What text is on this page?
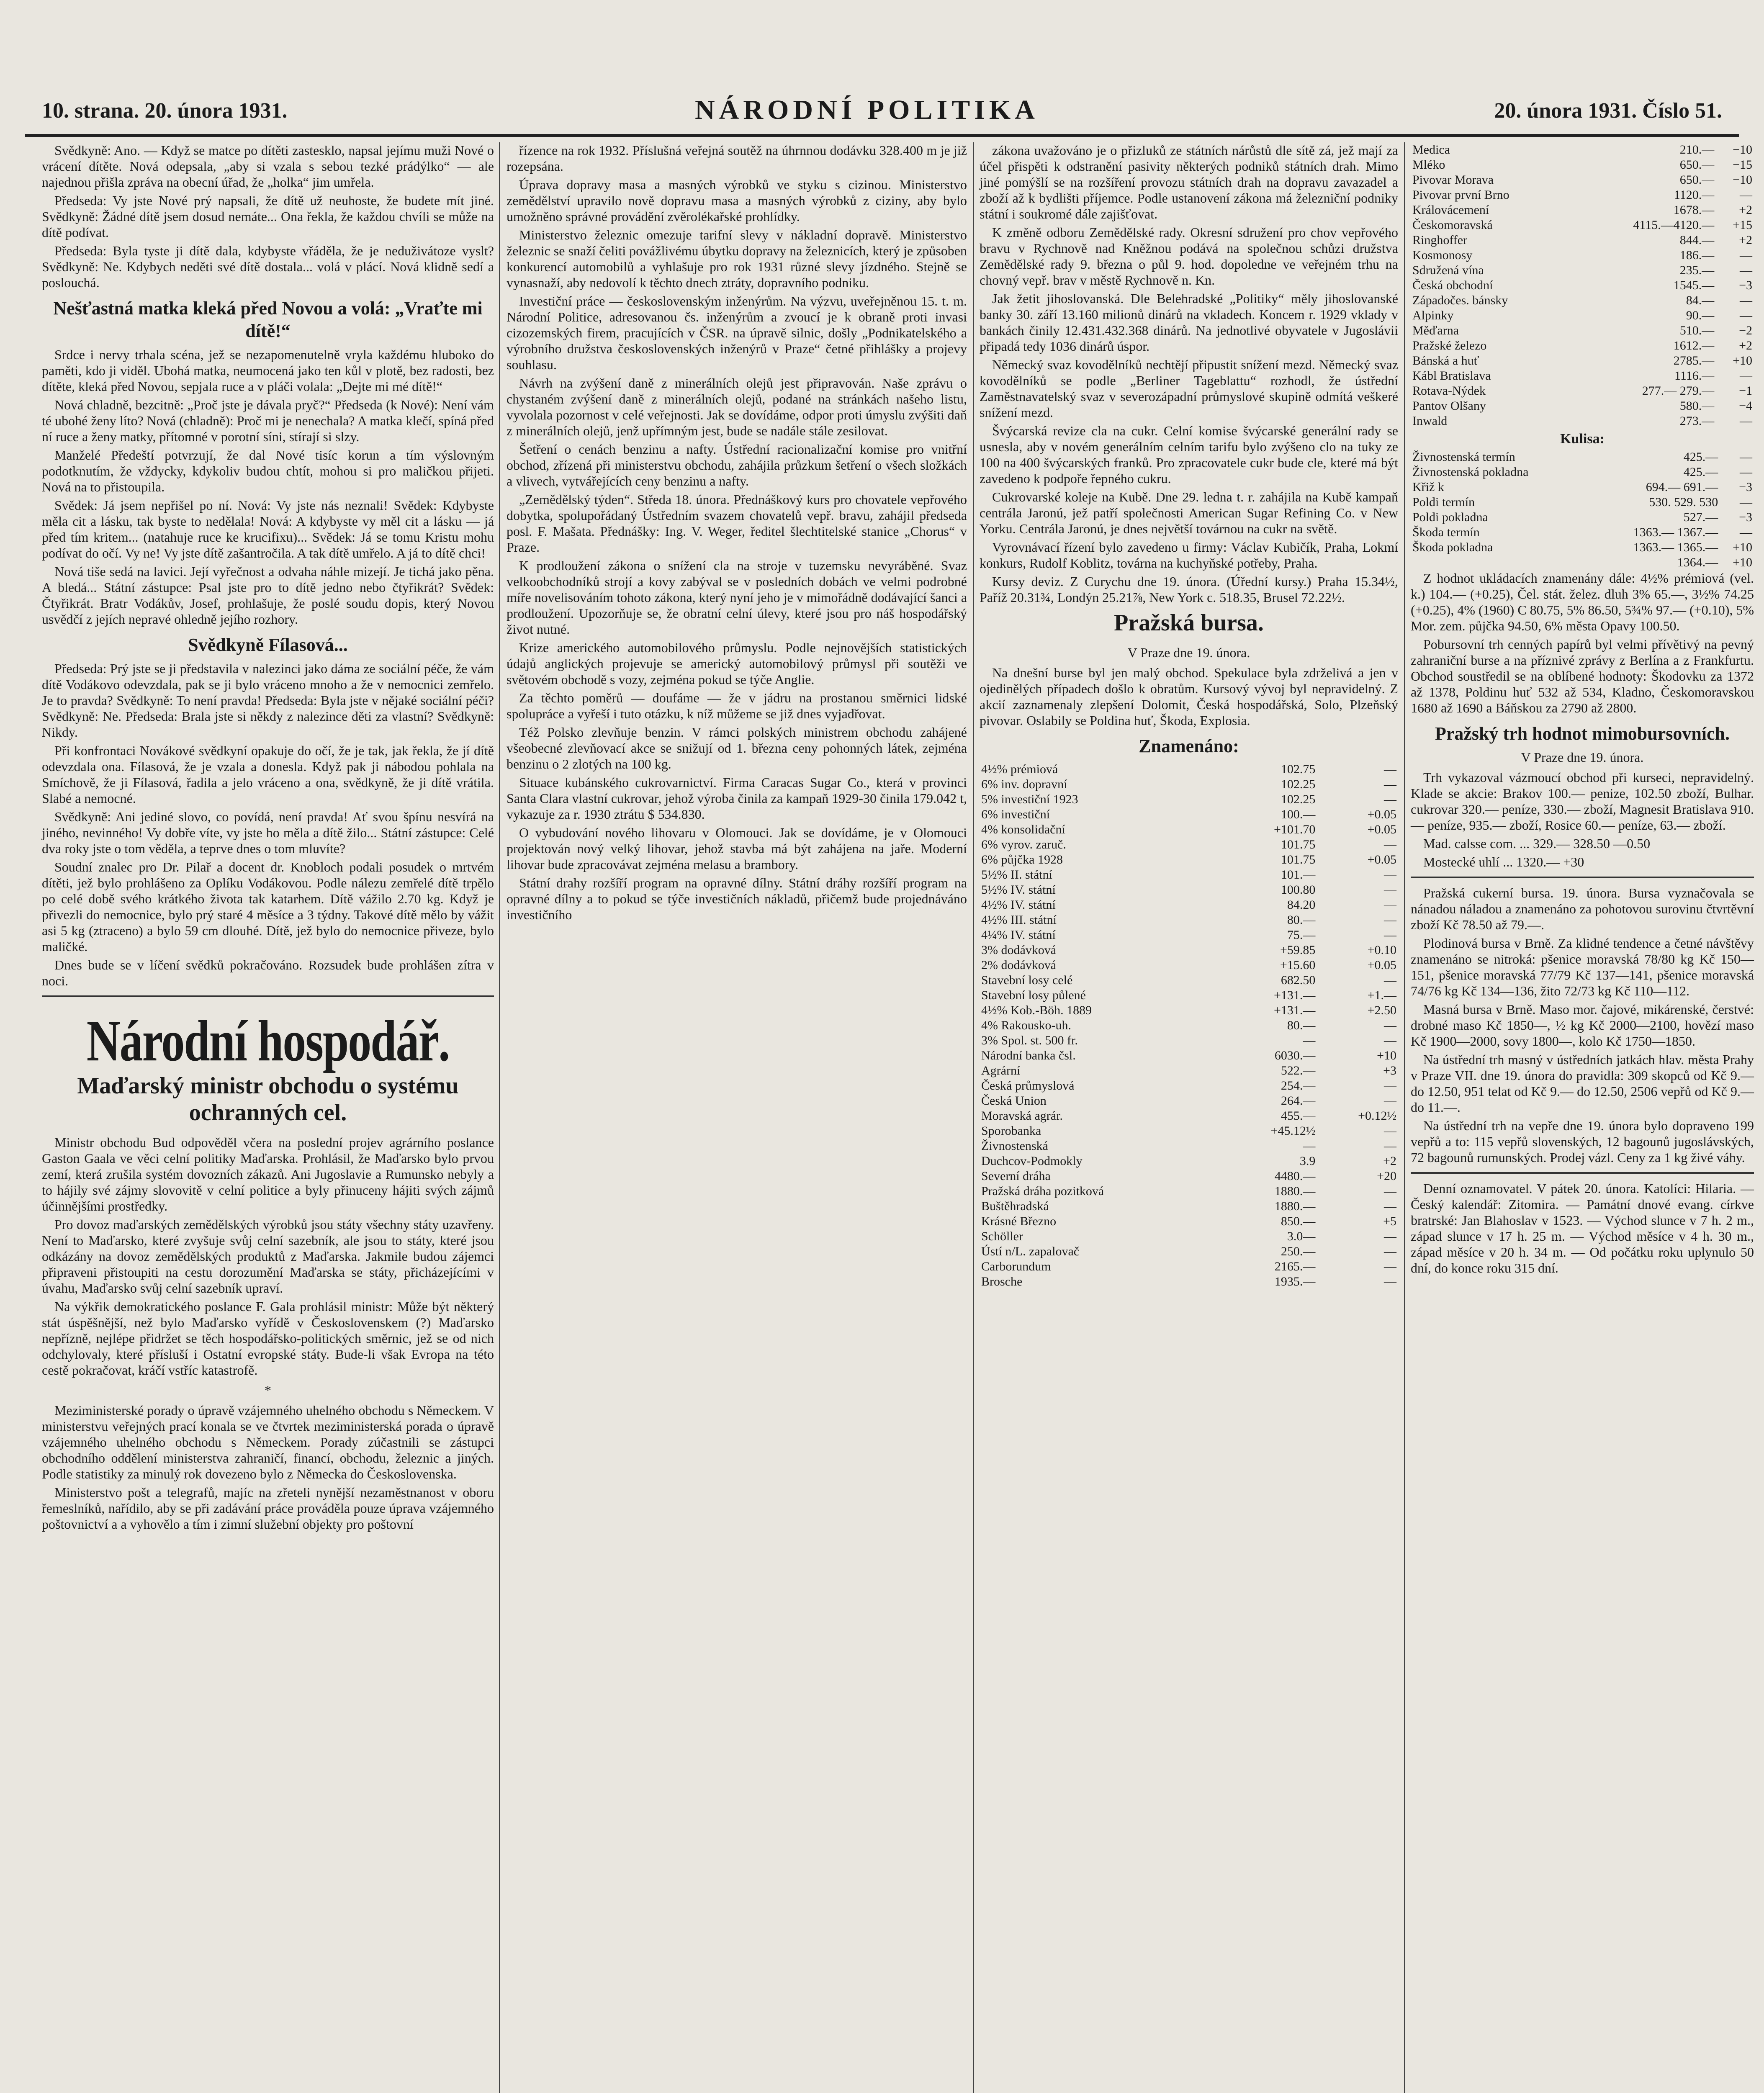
10. strana. 20. února 1931.	NÁRODNÍ POLITIKA	20. února 1931. Číslo 51.

Svědkyně: Ano. — Když se matce po dítěti zastesklo, napsal jejímu muži Nové o vrácení dítěte. Nová odepsala, „aby si vzala s sebou tezké prádýlko“ — ale najednou přišla zpráva na obecní úřad, že „holka“ jim umřela.

Předseda: Vy jste Nové prý napsali, že dítě už neuhoste, že budete mít jiné. Svědkyně: Žádné dítě jsem dosud nemáte... Ona řekla, že každou chvíli se může na dítě podívat.

Předseda: Byla tyste ji dítě dala, kdybyste vřáděla, že je neduživátoze vyslt? Svědkyně: Ne. Kdybych neděti své dítě dostala... volá v plácí. Nová klidně sedí a poslouchá.

Nešťastná matka kleká před Novou a volá: „Vraťte mi dítě!“

Srdce i nervy trhala scéna, jež se nezapomenutelně vryla každému hluboko do paměti, kdo ji viděl. Ubohá matka, neumocená jako ten kůl v plotě, bez radosti, bez dítěte, kleká před Novou, sepjala ruce a v pláči volala: „Dejte mi mé dítě!“

Nová chladně, bezcitně: „Proč jste je dávala pryč?“ Předseda (k Nové): Není vám té ubohé ženy líto? Nová (chladně): Proč mi je nenechala? A matka klečí, spíná před ní ruce a ženy matky, přítomné v porotní síni, stírají si slzy.

Manželé Předeští potvrzují, že dal Nové tisíc korun a tím výslovným podotknutím, že vždycky, kdykoliv budou chtít, mohou si pro maličkou přijeti. Nová na to přistoupila.

Svědek: Já jsem nepřišel po ní. Nová: Vy jste nás neznali! Svědek: Kdybyste měla cit a lásku, tak byste to nedělala! Nová: A kdybyste vy měl cit a lásku — já před tím kritem... (natahuje ruce ke krucifixu)... Svědek: Já se tomu Kristu mohu podívat do očí. Vy ne! Vy jste dítě zašantročila. A tak dítě umřelo. A já to dítě chci!

Nová tiše sedá na lavici. Její vyřečnost a odvaha náhle mizejí. Je tichá jako pěna. A bledá... Státní zástupce: Psal jste pro to dítě jedno nebo čtyřikrát? Svědek: Čtyřikrát. Bratr Vodákův, Josef, prohlašuje, že poslé soudu dopis, který Novou usvědčí z jejích nepravé ohledně jejího rozhory.

Svědkyně Fílasová...

Předseda: Prý jste se ji představila v nalezinci jako dáma ze sociální péče, že vám dítě Vodákovo odevzdala, pak se ji bylo vráceno mnoho a že v nemocnici zemřelo. Je to pravda? Svědkyně: To není pravda! Předseda: Byla jste v nějaké sociální péči? Svědkyně: Ne. Předseda: Brala jste si někdy z nalezince děti za vlastní? Svědkyně: Nikdy.

Při konfrontaci Novákové svědkyní opakuje do očí, že je tak, jak řekla, že jí dítě odevzdala ona. Fílasová, že je vzala a donesla. Když pak ji nábodou pohlala na Smíchově, že ji Fílasová, řadila a jelo vráceno a ona, svědkyně, že ji dítě vrátila. Slabé a nemocné.

Svědkyně: Ani jediné slovo, co povídá, není pravda! Ať svou špínu nesvírá na jiného, nevinného! Vy dobře víte, vy jste ho měla a dítě žilo... Státní zástupce: Celé dva roky jste o tom věděla, a teprve dnes o tom mluvíte?

Soudní znalec pro Dr. Pilař a docent dr. Knobloch podali posudek o mrtvém dítěti, jež bylo prohlášeno za Oplíku Vodákovou. Podle nálezu zemřelé dítě trpělo po celé době svého krátkého života tak katarhem. Dítě vážilo 2.70 kg. Když je přivezli do nemocnice, bylo prý staré 4 měsíce a 3 týdny. Takové dítě mělo by vážit asi 5 kg (ztraceno) a bylo 59 cm dlouhé. Dítě, jež bylo do nemocnice přiveze, bylo maličké.

Dnes bude se v líčení svědků pokračováno. Rozsudek bude prohlášen zítra v noci.

Národní hospodář.
Maďarský ministr obchodu o systému ochranných cel.

Ministr obchodu Bud odpověděl včera na poslední projev agrárního poslance Gaston Gaala ve věci celní politiky Maďarska. Prohlásil, že Maďarsko bylo prvou zemí, která zrušila systém dovozních zákazů. Ani Jugoslavie a Rumunsko nebyly a to hájily své zájmy slovovitě v celní politice a byly přinuceny hájiti svých zájmů účinnějšími prostředky.

Pro dovoz maďarských zemědělských výrobků jsou státy všechny státy uzavřeny. Není to Maďarsko, které zvyšuje svůj celní sazebník, ale jsou to státy, které jsou odkázány na dovoz zemědělských produktů z Maďarska. Jakmile budou zájemci připraveni přistoupiti na cestu dorozumění Maďarska se státy, přicházejícími v úvahu, Maďarsko svůj celní sazebník upraví.

Na výkřik demokratického poslance F. Gala prohlásil ministr: Může být některý stát úspěšnější, než bylo Maďarsko vyřídě v Československem (?) Maďarsko nepřízně, nejlépe přidržet se těch hospodářsko-politických směrnic, jež se od nich odchylovaly, které přísluší i Ostatní evropské státy. Bude-li však Evropa na této cestě pokračovat, kráčí vstříc katastrofě.

*

Meziministerské porady o úpravě vzájemného uhelného obchodu s Německem. V ministerstvu veřejných prací konala se ve čtvrtek meziministerská porada o úpravě vzájemného uhelného obchodu s Německem. Porady zúčastnili se zástupci obchodního oddělení ministerstva zahraničí, financí, obchodu, železnic a jiných. Podle statistiky za minulý rok dovezeno bylo z Německa do Československa.

Ministerstvo pošt a telegrafů, majíc na zřeteli nynější nezaměstnanost v oboru řemeslníků, nařídilo, aby se při zadávání práce prováděla pouze úprava vzájemného poštovnictví a a vyhovělo a tím i zimní služební objekty pro poštovní

řízence na rok 1932. Příslušná veřejná soutěž na úhrnnou dodávku 328.400 m je již rozepsána.

Úprava dopravy masa a masných výrobků ve styku s cizinou. Ministerstvo zemědělství upravilo nově dopravu masa a masných výrobků z ciziny, aby bylo umožněno správné provádění zvěrolékařské prohlídky.

Ministerstvo železnic omezuje tarifní slevy v nákladní dopravě. Ministerstvo železnic se snaží čeliti povážlivému úbytku dopravy na železnicích, který je způsoben konkurencí automobilů a vyhlašuje pro rok 1931 různé slevy jízdného. Stejně se vynasnaží, aby nedovolí k těchto dnech ztráty, dopravního podniku.

Investiční práce — československým inženýrům. Na výzvu, uveřejněnou 15. t. m. Národní Politice, adresovanou čs. inženýrům a zvoucí je k obraně proti invasi cizozemských firem, pracujících v ČSR. na úpravě silnic, došly „Podnikatelského a výrobního družstva československých inženýrů v Praze“ četné přihlášky a projevy souhlasu.

Návrh na zvýšení daně z minerálních olejů jest připravován. Naše zprávu o chystaném zvýšení daně z minerálních olejů, podané na stránkách našeho listu, vyvolala pozornost v celé veřejnosti. Jak se dovídáme, odpor proti úmyslu zvýšiti daň z minerálních olejů, jenž upřímným jest, bude se nadále stále zesilovat.

Šetření o cenách benzinu a nafty. Ústřední racionalizační komise pro vnitřní obchod, zřízená při ministerstvu obchodu, zahájila průzkum šetření o všech složkách a vlivech, vytvářejících ceny benzinu a nafty.

„Zemědělský týden“. Středa 18. února. Přednáškový kurs pro chovatele vepřového dobytka, spolupořádaný Ústředním svazem chovatelů vepř. bravu, zahájil předseda posl. F. Mašata. Přednášky: Ing. V. Weger, ředitel šlechtitelské stanice „Chorus“ v Praze.

K prodloužení zákona o snížení cla na stroje v tuzemsku nevyráběné. Svaz velkoobchodníků strojí a kovy zabýval se v posledních dobách ve velmi podrobné míře novelisováním tohoto zákona, který nyní jeho je v mimořádně dodávající šanci a prodloužení. Upozorňuje se, že obratní celní úlevy, které jsou pro náš hospodářský život nutné.

Krize amerického automobilového průmyslu. Podle nejnovějších statistických údajů anglických projevuje se americký automobilový průmysl při soutěži ve světovém obchodě s vozy, zejména pokud se týče Anglie.

Za těchto poměrů — doufáme — že v jádru na prostanou směrnici lidské spolupráce a vyřeší i tuto otázku, k níž můžeme se již dnes vyjadřovat.

Též Polsko zlevňuje benzin. V rámci polských ministrem obchodu zahájené všeobecné zlevňovací akce se snižují od 1. března ceny pohonných látek, zejména benzinu o 2 zlotých na 100 kg.

Situace kubánského cukrovarnictví. Firma Caracas Sugar Co., která v provinci Santa Clara vlastní cukrovar, jehož výroba činila za kampaň 1929-30 činila 179.042 t, vykazuje za r. 1930 ztrátu $ 534.830.

O vybudování nového lihovaru v Olomouci. Jak se dovídáme, je v Olomouci projektován nový velký lihovar, jehož stavba má být zahájena na jaře. Moderní lihovar bude zpracovávat zejména melasu a brambory.

Státní drahy rozšíří program na opravné dílny. Státní dráhy rozšíří program na opravné dílny a to pokud se týče investičních nákladů, přičemž bude projednáváno investičního

zákona uvažováno je o přizluků ze státních nárůstů dle sítě zá, jež mají za účel přispěti k odstranění pasivity některých podniků státních drah. Mimo jiné pomýšlí se na rozšíření provozu státních drah na dopravu zavazadel a zboží až k bydlišti příjemce. Podle ustanovení zákona má železniční podniky státní i soukromé dále zajišťovat.

K změně odboru Zemědělské rady. Okresní sdružení pro chov vepřového bravu v Rychnově nad Kněžnou podává na společnou schůzi družstva Zemědělské rady 9. března o půl 9. hod. dopoledne ve veřejném trhu na chovný vepř. brav v městě Rychnově n. Kn.

Jak žetit jihoslovanská. Dle Belehradské „Politiky“ měly jihoslovanské banky 30. září 13.160 milionů dinárů na vkladech. Koncem r. 1929 vklady v bankách činily 12.431.432.368 dinárů. Na jednotlivé obyvatele v Jugoslávii připadá tedy 1036 dinárů úspor.

Německý svaz kovodělníků nechtějí připustit snížení mezd. Německý svaz kovodělníků se podle „Berliner Tageblattu“ rozhodl, že ústřední Zaměstnavatelský svaz v severozápadní průmyslové skupině odmítá veškeré snížení mezd.

Švýcarská revize cla na cukr. Celní komise švýcarské generální rady se usnesla, aby v novém generálním celním tarifu bylo zvýšeno clo na tuky ze 100 na 400 švýcarských franků. Pro zpracovatele cukr bude cle, které má být zavedeno k podpoře řepného cukru.

Cukrovarské koleje na Kubě. Dne 29. ledna t. r. zahájila na Kubě kampaň centrála Jaronú, jež patří společnosti American Sugar Refining Co. v New Yorku. Centrála Jaronú, je dnes největší továrnou na cukr na světě.

Vyrovnávací řízení bylo zavedeno u firmy: Václav Kubičík, Praha, Lokmí konkurs, Rudolf Koblitz, továrna na kuchyňské potřeby, Praha.

Kursy deviz. Z Curychu dne 19. února. (Úřední kursy.) Praha 15.34½, Paříž 20.31¾, Londýn 25.21⅞, New York c. 518.35, Brusel 72.22½.

Pražská bursa.
V Praze dne 19. února.

Na dnešní burse byl jen malý obchod. Spekulace byla zdrželivá a jen v ojedinělých případech došlo k obratům. Kursový vývoj byl nepravidelný. Z akcií zaznamenaly zlepšení Dolomit, Česká hospodářská, Solo, Plzeňský pivovar. Oslabily se Poldina huť, Škoda, Explosia.

Znamenáno:
4½% prémiová	102.75	—
6% inv. dopravní	102.25	—
5% investiční 1923	102.25	—
6% investiční	100.—	+0.05
4% konsolidační	+101.70	+0.05
6% vyrov. zaruč.	101.75	—
6% půjčka 1928	101.75	+0.05
5½% II. státní	101.—	—
5½% IV. státní	100.80	—
4½% IV. státní	84.20	—
4½% III. státní	80.—	—
4¼% IV. státní	75.—	—
3% dodávková	+59.85	+0.10
2% dodávková	+15.60	+0.05
Stavební losy celé	682.50	—
Stavební losy půlené	+131.—	+1.—
4½% Kob.-Böh. 1889	+131.—	+2.50
4% Rakousko-uh.	80.—	—
3% Spol. st. 500 fr.	—	—
Národní banka čsl.	6030.—	+10
Agrární	522.—	+3
Česká průmyslová	254.—	—
Česká Union	264.—	—
Moravská agrár.	455.—	+0.12½
Sporobanka	+45.12½	—
Živnostenská	—	—
Duchcov-Podmokly	3.9	+2
Severní dráha	4480.—	+20
Pražská dráha pozitková	1880.—	—
Buštěhradská	1880.—	—
Krásné Březno	850.—	+5
Schöller	3.0—	—
Ústí n/L. zapalovač	250.—	—
Carborundum	2165.—	—
Brosche	1935.—	—
Medica	210.—	−10
Mléko	650.—	−15
Pivovar Morava	650.—	−10
Pivovar první Brno	1120.—	—
Královácemení	1678.—	+2
Českomoravská	4115.—4120.—	+15
Ringhoffer	844.—	+2
Kosmonosy	186.—	—
Sdružená vína	235.—	—
Česká obchodní	1545.—	−3
Západočes. bánsky	84.—	—
Alpinky	90.—	—
Měďarna	510.—	−2
Pražské železo	1612.—	+2
Bánská a huť	2785.—	+10
Kábl Bratislava	1116.—	—
Rotava-Nýdek	277.— 279.—	−1
Pantov Olšany	580.—	−4
Inwald	273.—	—
Kulisa:
Živnostenská termín	425.—	—
Živnostenská pokladna	425.—	—
Křiž k	694.— 691.—	−3
Poldi termín	530. 529. 530	—
Poldi pokladna	527.—	−3
Škoda termín	1363.— 1367.—	—
Škoda pokladna	1363.— 1365.—	+10
	1364.—	+10

Z hodnot ukládacích znamenány dále: 4½% prémiová (vel. k.) 104.— (+0.25), Čel. stát. želez. dluh 3% 65.—, 3½% 74.25 (+0.25), 4% (1960) C 80.75, 5% 86.50, 5¾% 97.— (+0.10), 5% Mor. zem. půjčka 94.50, 6% města Opavy 100.50.

Pobursovní trh cenných papírů byl velmi přívětivý na pevný zahraniční burse a na příznivé zprávy z Berlína a z Frankfurtu. Obchod soustředil se na oblíbené hodnoty: Škodovku za 1372 až 1378, Poldinu huť 532 až 534, Kladno, Českomoravskou 1680 až 1690 a Báňskou za 2790 až 2800.

Pražský trh hodnot mimobursovních.
V Praze dne 19. února.

Trh vykazoval vázmoucí obchod při kurseci, nepravidelný. Klade se akcie: Brakov 100.— penize, 102.50 zboží, Bulhar. cukrovar 320.— peníze, 330.— zboží, Magnesit Bratislava 910.— peníze, 935.— zboží, Rosice 60.— peníze, 63.— zboží.

Mad. calsse com. ... 329.— 328.50 —0.50
Mostecké uhlí ... 1320.— +30

Pražská cukerní bursa. 19. února. Bursa vyznačovala se nánadou náladou a znamenáno za pohotovou surovinu čtvrtěvní zboží Kč 78.50 až 79.—.

Plodinová bursa v Brně. Za klidné tendence a četné návštěvy znamenáno se nitroká: pšenice moravská 78/80 kg Kč 150—151, pšenice moravská 77/79 Kč 137—141, pšenice moravská 74/76 kg Kč 134—136, žito 72/73 kg Kč 110—112.

Masná bursa v Brně. Maso mor. čajové, mikárenské, čerstvé: drobné maso Kč 1850—, ½ kg Kč 2000—2100, hovězí maso Kč 1900—2000, sovy 1800—, kolo Kč 1750—1850.

Na ústřední trh masný v ústředních jatkách hlav. města Prahy v Praze VII. dne 19. února do pravidla: 309 skopců od Kč 9.— do 12.50, 951 telat od Kč 9.— do 12.50, 2506 vepřů od Kč 9.— do 11.—.

Na ústřední trh na vepře dne 19. února bylo dopraveno 199 vepřů a to: 115 vepřů slovenských, 12 bagounů jugoslávských, 72 bagounů rumunských. Prodej vázl. Ceny za 1 kg živé váhy.

Denní oznamovatel. V pátek 20. února. Katolíci: Hilaria. — Český kalendář: Zitomira. — Památní dnové evang. církve bratrské: Jan Blahoslav v 1523. — Východ slunce v 7 h. 2 m., západ slunce v 17 h. 25 m. — Východ měsíce v 4 h. 30 m., západ měsíce v 20 h. 34 m. — Od počátku roku uplynulo 50 dní, do konce roku 315 dní.
